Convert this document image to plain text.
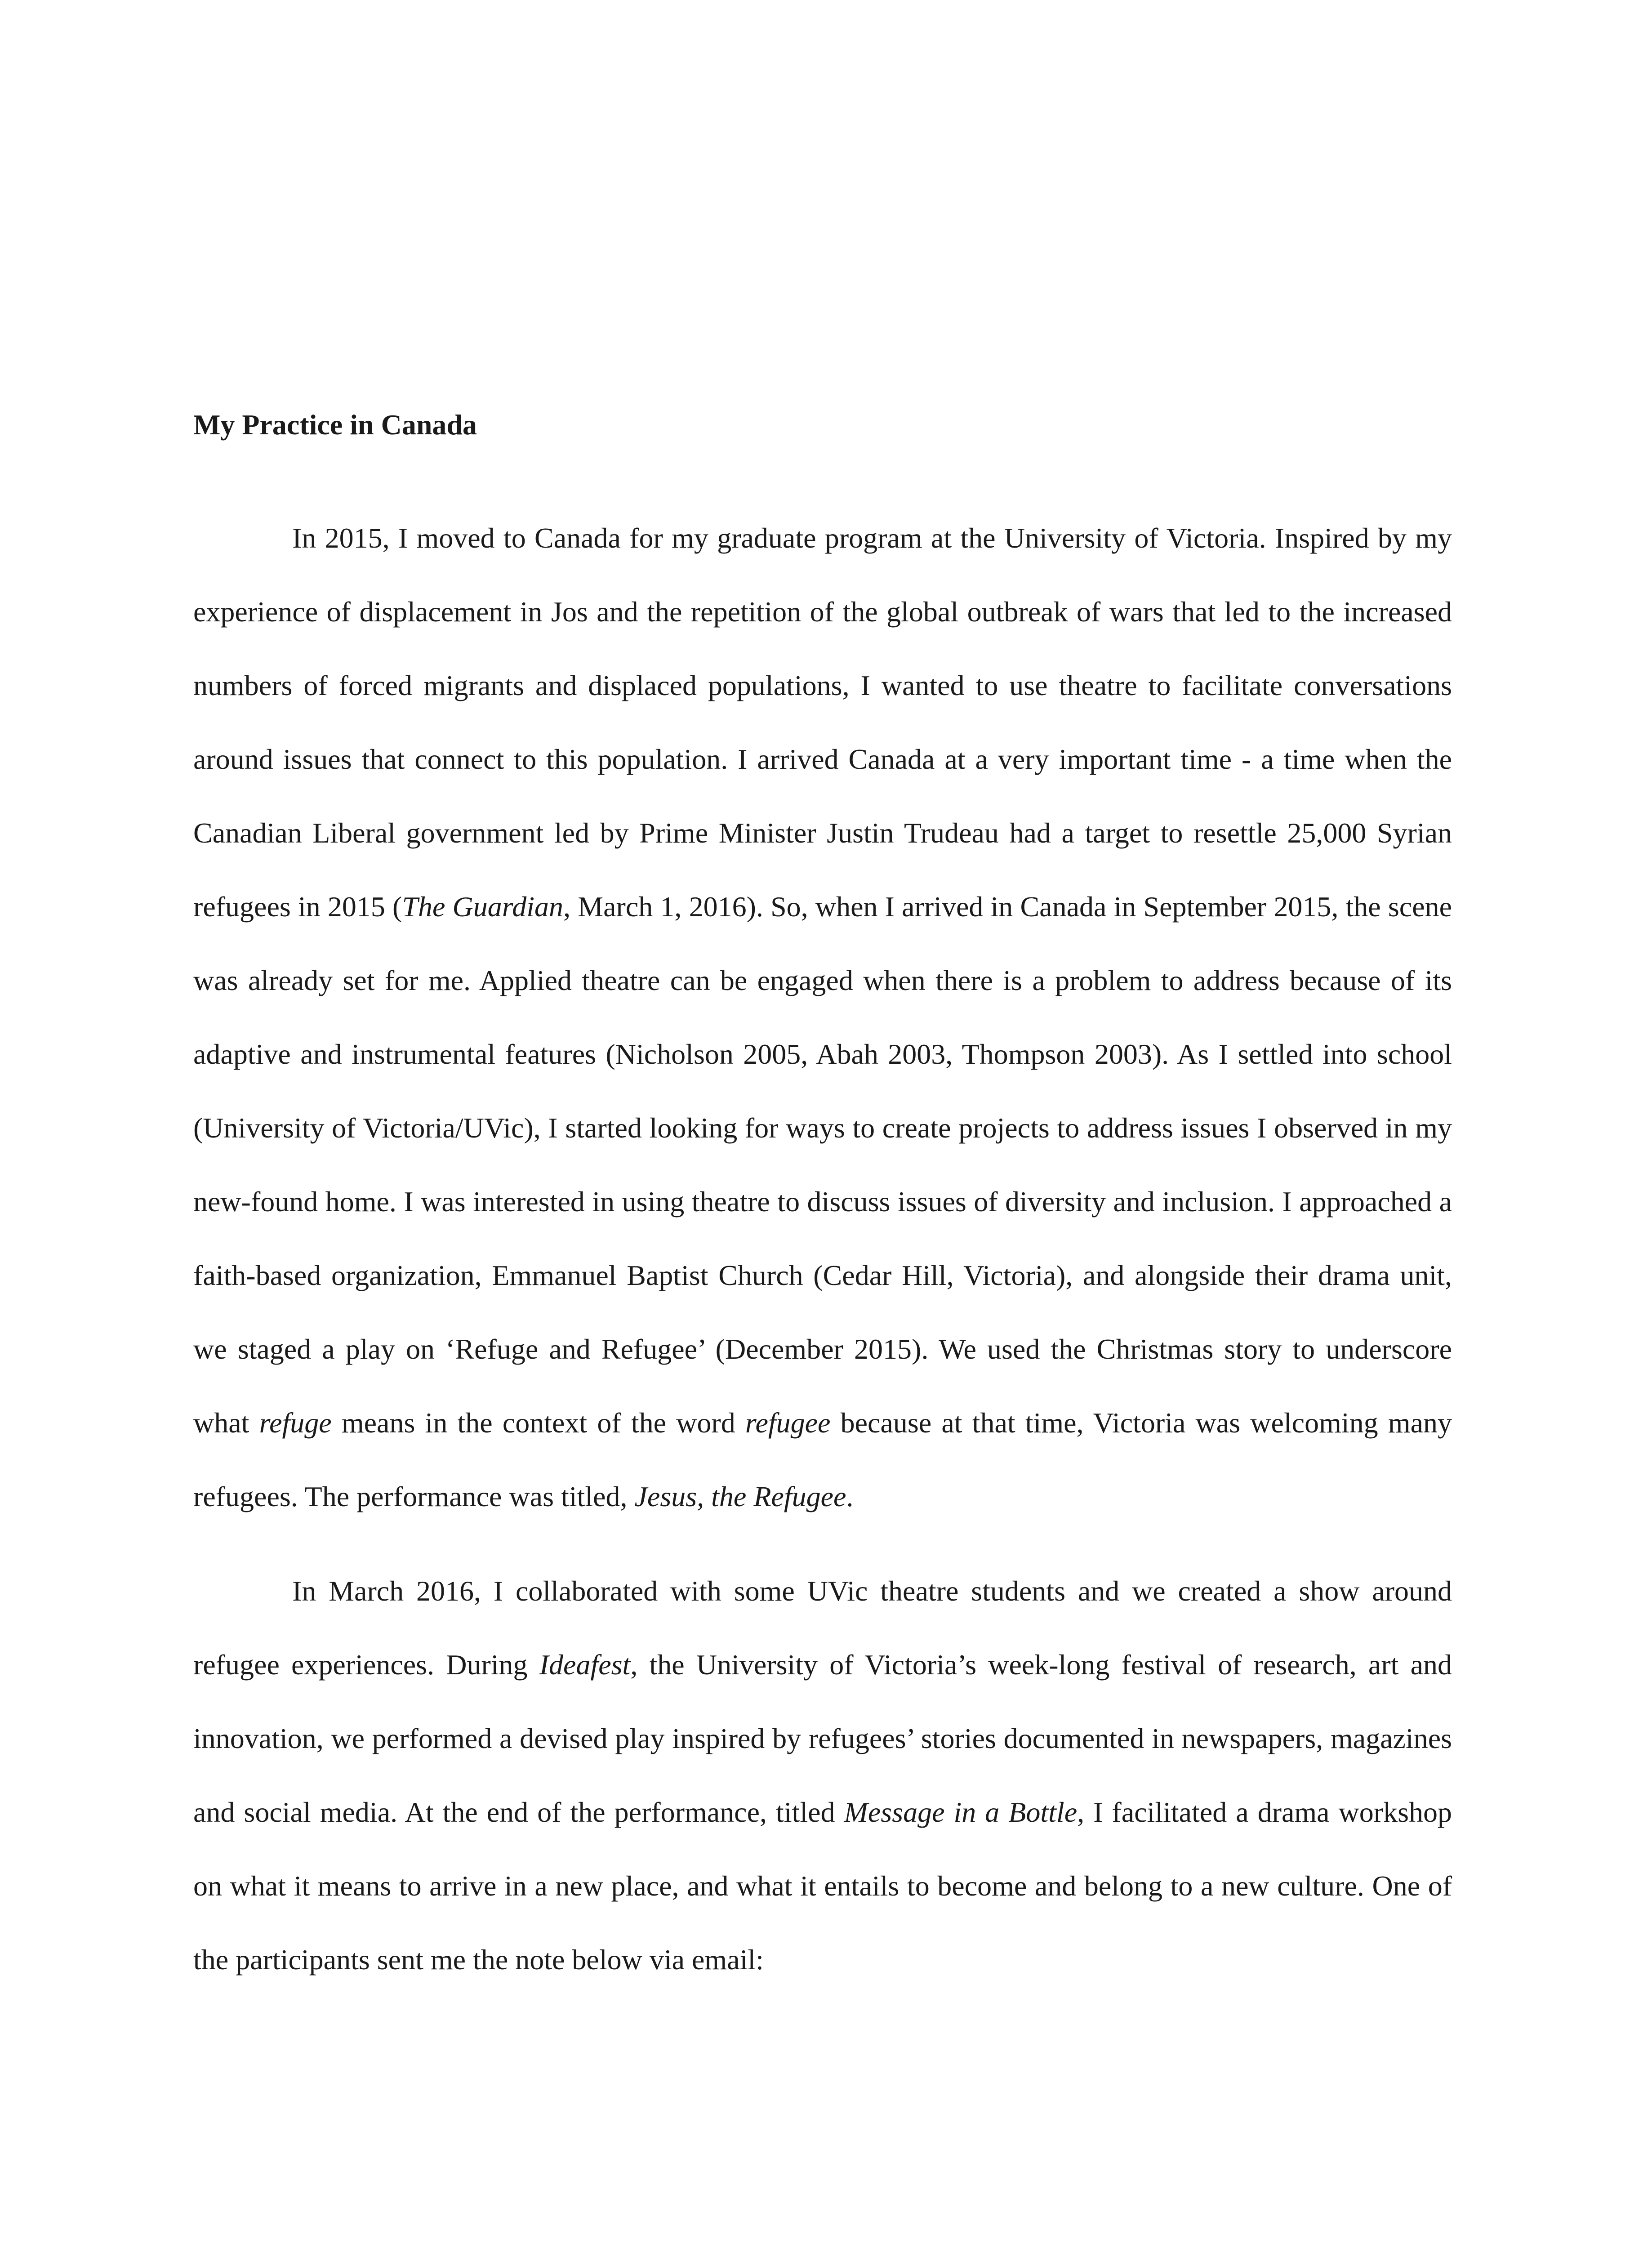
My Practice in Canada

In 2015, I moved to Canada for my graduate program at the University of Victoria. Inspired by my experience of displacement in Jos and the repetition of the global outbreak of wars that led to the increased numbers of forced migrants and displaced populations, I wanted to use theatre to facilitate conversations around issues that connect to this population. I arrived Canada at a very important time - a time when the Canadian Liberal government led by Prime Minister Justin Trudeau had a target to resettle 25,000 Syrian refugees in 2015 (The Guardian, March 1, 2016). So, when I arrived in Canada in September 2015, the scene was already set for me. Applied theatre can be engaged when there is a problem to address because of its adaptive and instrumental features (Nicholson 2005, Abah 2003, Thompson 2003). As I settled into school (University of Victoria/UVic), I started looking for ways to create projects to address issues I observed in my new-found home. I was interested in using theatre to discuss issues of diversity and inclusion. I approached a faith-based organization, Emmanuel Baptist Church (Cedar Hill, Victoria), and alongside their drama unit, we staged a play on ‘Refuge and Refugee’ (December 2015). We used the Christmas story to underscore what refuge means in the context of the word refugee because at that time, Victoria was welcoming many refugees. The performance was titled, Jesus, the Refugee.

In March 2016, I collaborated with some UVic theatre students and we created a show around refugee experiences. During Ideafest, the University of Victoria’s week-long festival of research, art and innovation, we performed a devised play inspired by refugees’ stories documented in newspapers, magazines and social media. At the end of the performance, titled Message in a Bottle, I facilitated a drama workshop on what it means to arrive in a new place, and what it entails to become and belong to a new culture. One of the participants sent me the note below via email:
